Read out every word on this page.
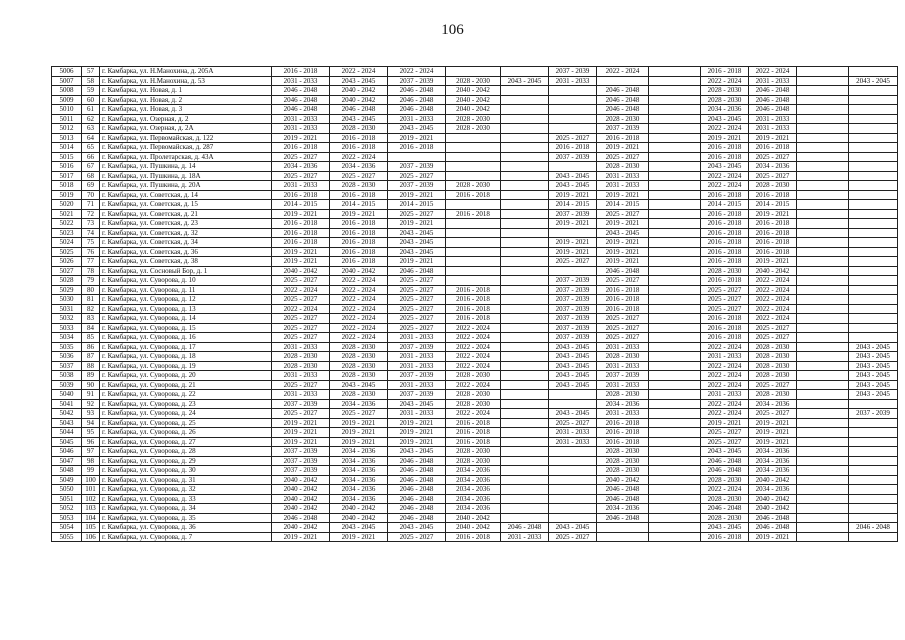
106
5006	57	г. Камбарка, ул. Н.Манохина, д. 205А	2016 - 2018	2022 - 2024	2022 - 2024			2037 - 2039	2022 - 2024		2016 - 2018	2022 - 2024		
5007	58	г. Камбарка, ул. Н.Манохина, д. 53	2031 - 2033	2043 - 2045	2037 - 2039	2028 - 2030	2043 - 2045	2031 - 2033			2022 - 2024	2031 - 2033		2043 - 2045
5008	59	г. Камбарка, ул. Новая, д. 1	2046 - 2048	2040 - 2042	2046 - 2048	2040 - 2042			2046 - 2048		2028 - 2030	2046 - 2048		
5009	60	г. Камбарка, ул. Новая, д. 2	2046 - 2048	2040 - 2042	2046 - 2048	2040 - 2042			2046 - 2048		2028 - 2030	2046 - 2048		
5010	61	г. Камбарка, ул. Новая, д. 3	2046 - 2048	2046 - 2048	2046 - 2048	2040 - 2042			2046 - 2048		2034 - 2036	2046 - 2048		
5011	62	г. Камбарка, ул. Озерная, д. 2	2031 - 2033	2043 - 2045	2031 - 2033	2028 - 2030			2028 - 2030		2043 - 2045	2031 - 2033		
5012	63	г. Камбарка, ул. Озерная, д. 2А	2031 - 2033	2028 - 2030	2043 - 2045	2028 - 2030			2037 - 2039		2022 - 2024	2031 - 2033		
5013	64	г. Камбарка, ул. Первомайская, д. 122	2019 - 2021	2016 - 2018	2019 - 2021			2025 - 2027	2016 - 2018		2019 - 2021	2019 - 2021		
5014	65	г. Камбарка, ул. Первомайская, д. 287	2016 - 2018	2016 - 2018	2016 - 2018			2016 - 2018	2019 - 2021		2016 - 2018	2016 - 2018		
5015	66	г. Камбарка, ул. Пролетарская, д. 43А	2025 - 2027	2022 - 2024				2037 - 2039	2025 - 2027		2016 - 2018	2025 - 2027		
5016	67	г. Камбарка, ул. Пушкина, д. 14	2034 - 2036	2034 - 2036	2037 - 2039				2028 - 2030		2043 - 2045	2034 - 2036		
5017	68	г. Камбарка, ул. Пушкина, д. 18А	2025 - 2027	2025 - 2027	2025 - 2027			2043 - 2045	2031 - 2033		2022 - 2024	2025 - 2027		
5018	69	г. Камбарка, ул. Пушкина, д. 20А	2031 - 2033	2028 - 2030	2037 - 2039	2028 - 2030		2043 - 2045	2031 - 2033		2022 - 2024	2028 - 2030		
5019	70	г. Камбарка, ул. Советская, д. 14	2016 - 2018	2016 - 2018	2019 - 2021	2016 - 2018		2019 - 2021	2019 - 2021		2016 - 2018	2016 - 2018		
5020	71	г. Камбарка, ул. Советская, д. 15	2014 - 2015	2014 - 2015	2014 - 2015			2014 - 2015	2014 - 2015		2014 - 2015	2014 - 2015		
5021	72	г. Камбарка, ул. Советская, д. 21	2019 - 2021	2019 - 2021	2025 - 2027	2016 - 2018		2037 - 2039	2025 - 2027		2016 - 2018	2019 - 2021		
5022	73	г. Камбарка, ул. Советская, д. 23	2016 - 2018	2016 - 2018	2019 - 2021			2019 - 2021	2019 - 2021		2016 - 2018	2016 - 2018		
5023	74	г. Камбарка, ул. Советская, д. 32	2016 - 2018	2016 - 2018	2043 - 2045				2043 - 2045		2016 - 2018	2016 - 2018		
5024	75	г. Камбарка, ул. Советская, д. 34	2016 - 2018	2016 - 2018	2043 - 2045			2019 - 2021	2019 - 2021		2016 - 2018	2016 - 2018		
5025	76	г. Камбарка, ул. Советская, д. 36	2019 - 2021	2016 - 2018	2043 - 2045			2019 - 2021	2019 - 2021		2016 - 2018	2016 - 2018		
5026	77	г. Камбарка, ул. Советская, д. 38	2019 - 2021	2016 - 2018	2019 - 2021			2025 - 2027	2019 - 2021		2016 - 2018	2019 - 2021		
5027	78	г. Камбарка, ул. Сосновый Бор, д. 1	2040 - 2042	2040 - 2042	2046 - 2048				2046 - 2048		2028 - 2030	2040 - 2042		
5028	79	г. Камбарка, ул. Суворова, д. 10	2025 - 2027	2022 - 2024	2025 - 2027			2037 - 2039	2025 - 2027		2016 - 2018	2022 - 2024		
5029	80	г. Камбарка, ул. Суворова, д. 11	2022 - 2024	2022 - 2024	2025 - 2027	2016 - 2018		2037 - 2039	2016 - 2018		2025 - 2027	2022 - 2024		
5030	81	г. Камбарка, ул. Суворова, д. 12	2025 - 2027	2022 - 2024	2025 - 2027	2016 - 2018		2037 - 2039	2016 - 2018		2025 - 2027	2022 - 2024		
5031	82	г. Камбарка, ул. Суворова, д. 13	2022 - 2024	2022 - 2024	2025 - 2027	2016 - 2018		2037 - 2039	2016 - 2018		2025 - 2027	2022 - 2024		
5032	83	г. Камбарка, ул. Суворова, д. 14	2025 - 2027	2022 - 2024	2025 - 2027	2016 - 2018		2037 - 2039	2025 - 2027		2016 - 2018	2022 - 2024		
5033	84	г. Камбарка, ул. Суворова, д. 15	2025 - 2027	2022 - 2024	2025 - 2027	2022 - 2024		2037 - 2039	2025 - 2027		2016 - 2018	2025 - 2027		
5034	85	г. Камбарка, ул. Суворова, д. 16	2025 - 2027	2022 - 2024	2031 - 2033	2022 - 2024		2037 - 2039	2025 - 2027		2016 - 2018	2025 - 2027		
5035	86	г. Камбарка, ул. Суворова, д. 17	2031 - 2033	2028 - 2030	2037 - 2039	2022 - 2024		2043 - 2045	2031 - 2033		2022 - 2024	2028 - 2030		2043 - 2045
5036	87	г. Камбарка, ул. Суворова, д. 18	2028 - 2030	2028 - 2030	2031 - 2033	2022 - 2024		2043 - 2045	2028 - 2030		2031 - 2033	2028 - 2030		2043 - 2045
5037	88	г. Камбарка, ул. Суворова, д. 19	2028 - 2030	2028 - 2030	2031 - 2033	2022 - 2024		2043 - 2045	2031 - 2033		2022 - 2024	2028 - 2030		2043 - 2045
5038	89	г. Камбарка, ул. Суворова, д. 20	2031 - 2033	2028 - 2030	2037 - 2039	2028 - 2030		2043 - 2045	2037 - 2039		2022 - 2024	2028 - 2030		2043 - 2045
5039	90	г. Камбарка, ул. Суворова, д. 21	2025 - 2027	2043 - 2045	2031 - 2033	2022 - 2024		2043 - 2045	2031 - 2033		2022 - 2024	2025 - 2027		2043 - 2045
5040	91	г. Камбарка, ул. Суворова, д. 22	2031 - 2033	2028 - 2030	2037 - 2039	2028 - 2030			2028 - 2030		2031 - 2033	2028 - 2030		2043 - 2045
5041	92	г. Камбарка, ул. Суворова, д. 23	2037 - 2039	2034 - 2036	2043 - 2045	2028 - 2030			2034 - 2036		2022 - 2024	2034 - 2036		
5042	93	г. Камбарка, ул. Суворова, д. 24	2025 - 2027	2025 - 2027	2031 - 2033	2022 - 2024		2043 - 2045	2031 - 2033		2022 - 2024	2025 - 2027		2037 - 2039
5043	94	г. Камбарка, ул. Суворова, д. 25	2019 - 2021	2019 - 2021	2019 - 2021	2016 - 2018		2025 - 2027	2016 - 2018		2019 - 2021	2019 - 2021		
5044	95	г. Камбарка, ул. Суворова, д. 26	2019 - 2021	2019 - 2021	2019 - 2021	2016 - 2018		2031 - 2033	2016 - 2018		2025 - 2027	2019 - 2021		
5045	96	г. Камбарка, ул. Суворова, д. 27	2019 - 2021	2019 - 2021	2019 - 2021	2016 - 2018		2031 - 2033	2016 - 2018		2025 - 2027	2019 - 2021		
5046	97	г. Камбарка, ул. Суворова, д. 28	2037 - 2039	2034 - 2036	2043 - 2045	2028 - 2030			2028 - 2030		2043 - 2045	2034 - 2036		
5047	98	г. Камбарка, ул. Суворова, д. 29	2037 - 2039	2034 - 2036	2046 - 2048	2028 - 2030			2028 - 2030		2046 - 2048	2034 - 2036		
5048	99	г. Камбарка, ул. Суворова, д. 30	2037 - 2039	2034 - 2036	2046 - 2048	2034 - 2036			2028 - 2030		2046 - 2048	2034 - 2036		
5049	100	г. Камбарка, ул. Суворова, д. 31	2040 - 2042	2034 - 2036	2046 - 2048	2034 - 2036			2040 - 2042		2028 - 2030	2040 - 2042		
5050	101	г. Камбарка, ул. Суворова, д. 32	2040 - 2042	2034 - 2036	2046 - 2048	2034 - 2036			2046 - 2048		2022 - 2024	2034 - 2036		
5051	102	г. Камбарка, ул. Суворова, д. 33	2040 - 2042	2034 - 2036	2046 - 2048	2034 - 2036			2046 - 2048		2028 - 2030	2040 - 2042		
5052	103	г. Камбарка, ул. Суворова, д. 34	2040 - 2042	2040 - 2042	2046 - 2048	2034 - 2036			2034 - 2036		2046 - 2048	2040 - 2042		
5053	104	г. Камбарка, ул. Суворова, д. 35	2046 - 2048	2040 - 2042	2046 - 2048	2040 - 2042			2046 - 2048		2028 - 2030	2046 - 2048		
5054	105	г. Камбарка, ул. Суворова, д. 36	2040 - 2042	2043 - 2045	2043 - 2045	2040 - 2042	2046 - 2048	2043 - 2045			2043 - 2045	2046 - 2048		2046 - 2048
5055	106	г. Камбарка, ул. Суворова, д. 7	2019 - 2021	2019 - 2021	2025 - 2027	2016 - 2018	2031 - 2033	2025 - 2027			2016 - 2018	2019 - 2021		
